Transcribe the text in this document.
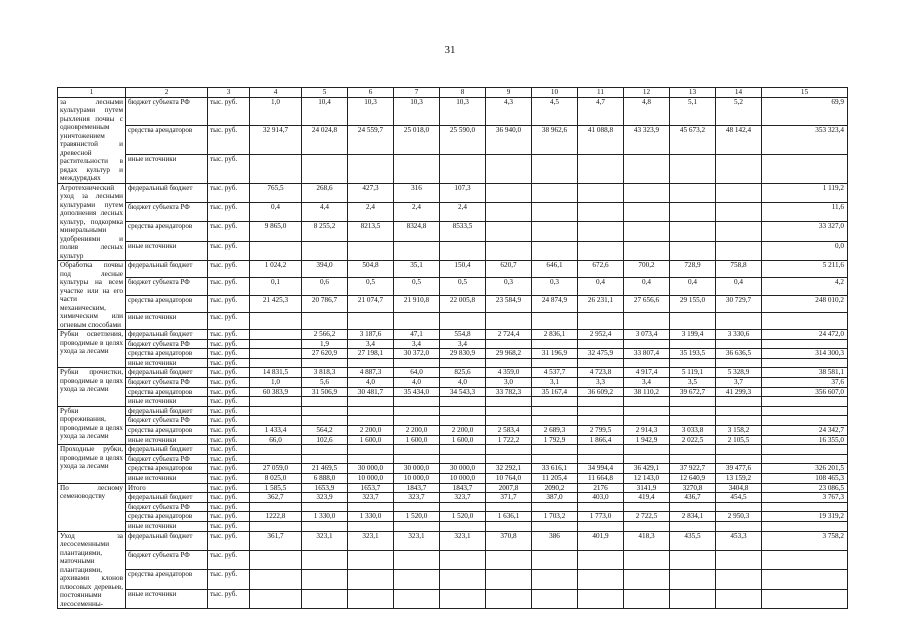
31
1	2	3	4	5	6	7	8	9	10	11	12	13	14	15
за лесными культурами путем рыхления почвы с одновременным уничтожением травянистой и древесной растительности в рядах культур и междурядьях	бюджет субъекта РФ	тыс. руб.	1,0	10,4	10,3	10,3	10,3	4,3	4,5	4,7	4,8	5,1	5,2	69,9
	средства арендаторов	тыс. руб.	32 914,7	24 024,8	24 559,7	25 018,0	25 590,0	36 940,0	38 962,6	41 088,8	43 323,9	45 673,2	48 142,4	353 323,4
	иные источники	тыс. руб.												
Агротехнический уход за лесными культурами путем дополнения лесных культур, подкормка минеральными удобрениями и полив лесных культур	федеральный бюджет	тыс. руб.	765,5	268,6	427,3	316	107,3							1 119,2
	бюджет субъекта РФ	тыс. руб.	0,4	4,4	2,4	2,4	2,4							11,6
	средства арендаторов	тыс. руб.	9 865,0	8 255,2	8213,5	8324,8	8533,5							33 327,0
	иные источники	тыс. руб.												0,0
Обработка почвы под лесные культуры на всем участке или на его части механическим, химическим или огневым способами	федеральный бюджет	тыс. руб.	1 024,2	394,0	504,8	35,1	150,4	620,7	646,1	672,6	700,2	728,9	758,8	5 211,6
	бюджет субъекта РФ	тыс. руб.	0,1	0,6	0,5	0,5	0,5	0,3	0,3	0,4	0,4	0,4	0,4	4,2
	средства арендаторов	тыс. руб.	21 425,3	20 786,7	21 074,7	21 910,8	22 005,8	23 584,9	24 874,9	26 231,1	27 656,6	29 155,0	30 729,7	248 010,2
	иные источники	тыс. руб.												
Рубки осветления, проводимые в целях ухода за лесами	федеральный бюджет	тыс. руб.		2 566,2	3 187,6	47,1	554,8	2 724,4	2 836,1	2 952,4	3 073,4	3 199,4	3 330,6	24 472,0
	бюджет субъекта РФ	тыс. руб.		1,9	3,4	3,4	3,4							
	средства арендаторов	тыс. руб.		27 620,9	27 198,1	30 372,0	29 830,9	29 968,2	31 196,9	32 475,9	33 807,4	35 193,5	36 636,5	314 300,3
	иные источники	тыс. руб.												
Рубки прочистки, проводимые в целях ухода за лесами	федеральный бюджет	тыс. руб.	14 831,5	3 818,3	4 887,3	64,0	825,6	4 359,0	4 537,7	4 723,8	4 917,4	5 119,1	5 328,9	38 581,1
	бюджет субъекта РФ	тыс. руб.	1,0	5,6	4,0	4,0	4,0	3,0	3,1	3,3	3,4	3,5	3,7	37,6
	средства арендаторов	тыс. руб.	60 383,9	31 506,9	30 481,7	35 434,0	34 543,3	33 782,3	35 167,4	36 609,2	38 110,2	39 672,7	41 299,3	356 607,0
	иные источники	тыс. руб.												
Рубки прореживания, проводимые в целях ухода за лесами	федеральный бюджет	тыс. руб.												
	бюджет субъекта РФ	тыс. руб.												
	средства арендаторов	тыс. руб.	1 433,4	564,2	2 200,0	2 200,0	2 200,0	2 583,4	2 689,3	2 799,5	2 914,3	3 033,8	3 158,2	24 342,7
	иные источники	тыс. руб.	66,0	102,6	1 600,0	1 600,0	1 600,0	1 722,2	1 792,9	1 866,4	1 942,9	2 022,5	2 105,5	16 355,0
Проходные рубки, проводимые в целях ухода за лесами	федеральный бюджет	тыс. руб.												
	бюджет субъекта РФ	тыс. руб.												
	средства арендаторов	тыс. руб.	27 059,0	21 469,5	30 000,0	30 000,0	30 000,0	32 292,1	33 616,1	34 994,4	36 429,1	37 922,7	39 477,6	326 201,5
	иные источники	тыс. руб.	8 025,0	6 888,0	10 000,0	10 000,0	10 000,0	10 764,0	11 205,4	11 664,8	12 143,0	12 640,9	13 159,2	108 465,3
По лесному семеноводству	Итого	тыс. руб.	1 585,5	1653,9	1653,7	1843,7	1843,7	2007,8	2090,2	2176	3141,9	3270,8	3404,8	23 086,5
	федеральный бюджет	тыс. руб.	362,7	323,9	323,7	323,7	323,7	371,7	387,0	403,0	419,4	436,7	454,5	3 767,3
	бюджет субъекта РФ	тыс. руб.												
	средства арендаторов	тыс. руб.	1222,8	1 330,0	1 330,0	1 520,0	1 520,0	1 636,1	1 703,2	1 773,0	2 722,5	2 834,1	2 950,3	19 319,2
	иные источники	тыс. руб.												
Уход за лесосеменными плантациями, маточными плантациями, архивами клонов плюсовых деревьев, постоянными лесосеменны-	федеральный бюджет	тыс. руб.	361,7	323,1	323,1	323,1	323,1	370,8	386	401,9	418,3	435,5	453,3	3 758,2
	бюджет субъекта РФ	тыс. руб.												
	средства арендаторов	тыс. руб.												
	иные источники	тыс. руб.												
